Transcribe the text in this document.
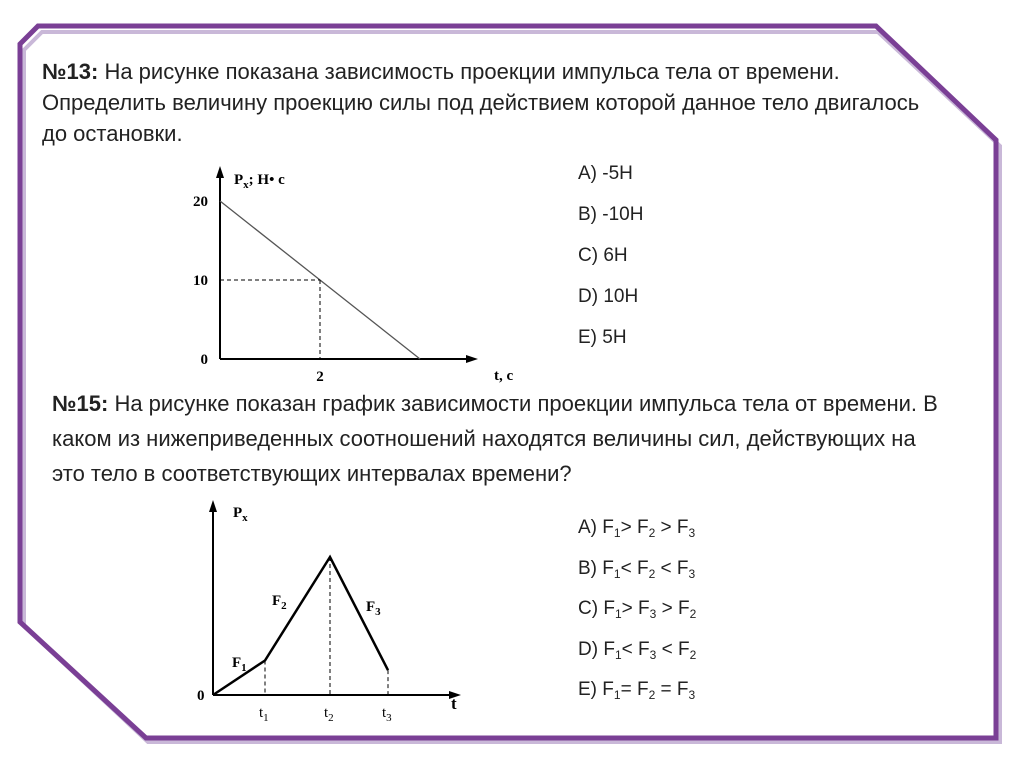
№13: На рисунке показана зависимость проекции импульса тела от времени. Определить величину проекцию силы под действием которой данное тело двигалось до остановки.

0
10
20
2
$P_x$; Н• с
t, с
A) -5Н
B) -10Н
C) 6Н
D) 10Н
E) 5Н

№15: На рисунке показан график зависимости проекции импульса тела от времени. В каком из нижеприведенных соотношений находятся величины сил, действующих на это тело в соответствующих интервалах времени?

$t_1$	$t_2$	$t_3$
0
$F_1$
$F_2$	$F_3$
$P_x$
t
A) $F_1> F_2 > F_3$
B) $F_1< F_2 < F_3$
C) $F_1> F_3 > F_2$
D) $F_1< F_3 < F_2$
E) $F_1= F_2 = F_3$
